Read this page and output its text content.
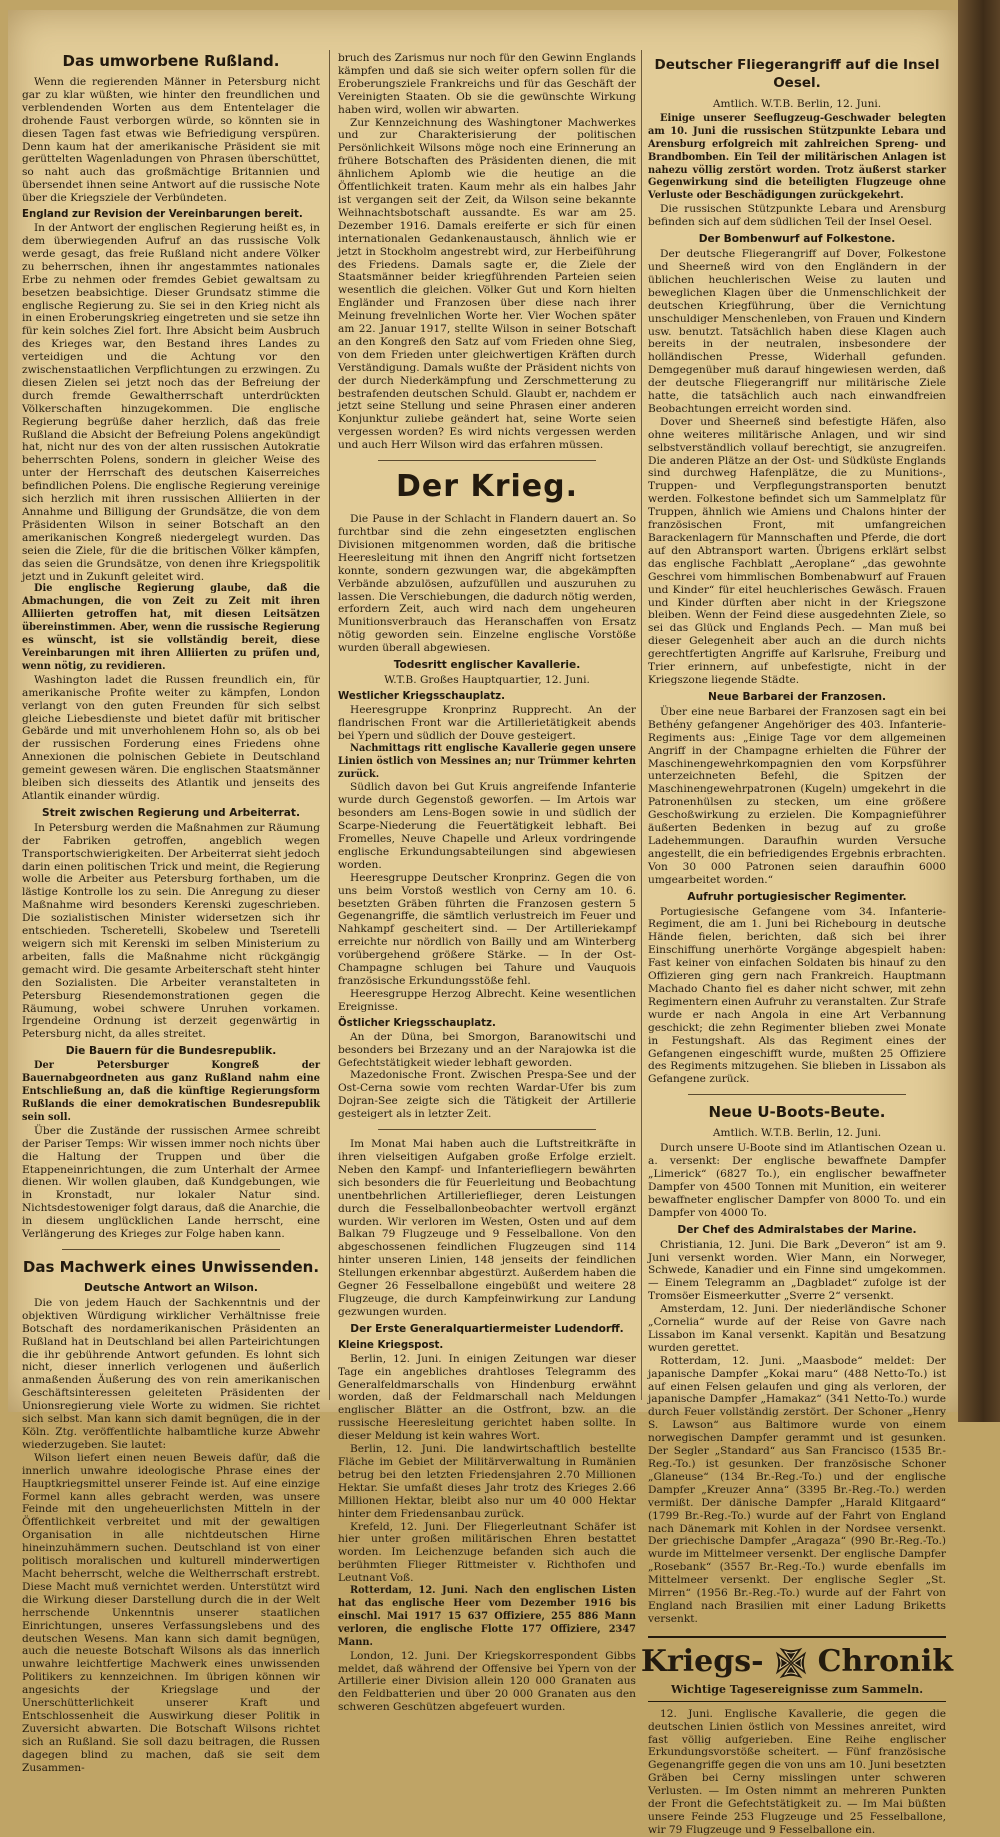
Das umworbene Rußland.

Wenn die regierenden Männer in Petersburg nicht gar zu klar wüßten, wie hinter den freundlichen und verblendenden Worten aus dem Ententelager die drohende Faust verborgen würde, so könnten sie in diesen Tagen fast etwas wie Befriedigung verspüren. Denn kaum hat der amerikanische Präsident sie mit gerüttelten Wagenladungen von Phrasen überschüttet, so naht auch das großmächtige Britannien und übersendet ihnen seine Antwort auf die russische Note über die Kriegsziele der Verbündeten.

England zur Revision der Vereinbarungen bereit.

In der Antwort der englischen Regierung heißt es, in dem überwiegenden Aufruf an das russische Volk werde gesagt, das freie Rußland nicht andere Völker zu beherrschen, ihnen ihr angestammtes nationales Erbe zu nehmen oder fremdes Gebiet gewaltsam zu besetzen beabsichtige. Dieser Grundsatz stimme die englische Regierung zu. Sie sei in den Krieg nicht als in einen Eroberungskrieg eingetreten und sie setze ihn für kein solches Ziel fort. Ihre Absicht beim Ausbruch des Krieges war, den Bestand ihres Landes zu verteidigen und die Achtung vor den zwischenstaatlichen Verpflichtungen zu erzwingen. Zu diesen Zielen sei jetzt noch das der Befreiung der durch fremde Gewaltherrschaft unterdrückten Völkerschaften hinzugekommen. Die englische Regierung begrüße daher herzlich, daß das freie Rußland die Absicht der Befreiung Polens angekündigt hat, nicht nur des von der alten russischen Autokratie beherrschten Polens, sondern in gleicher Weise des unter der Herrschaft des deutschen Kaiserreiches befindlichen Polens. Die englische Regierung vereinige sich herzlich mit ihren russischen Alliierten in der Annahme und Billigung der Grundsätze, die von dem Präsidenten Wilson in seiner Botschaft an den amerikanischen Kongreß niedergelegt wurden. Das seien die Ziele, für die die britischen Völker kämpfen, das seien die Grundsätze, von denen ihre Kriegspolitik jetzt und in Zukunft geleitet wird.

Die englische Regierung glaube, daß die Abmachungen, die von Zeit zu Zeit mit ihren Alliierten getroffen hat, mit diesen Leitsätzen übereinstimmen. Aber, wenn die russische Regierung es wünscht, ist sie vollständig bereit, diese Vereinbarungen mit ihren Alliierten zu prüfen und, wenn nötig, zu revidieren.

Washington ladet die Russen freundlich ein, für amerikanische Profite weiter zu kämpfen, London verlangt von den guten Freunden für sich selbst gleiche Liebesdienste und bietet dafür mit britischer Gebärde und mit unverhohlenem Hohn so, als ob bei der russischen Forderung eines Friedens ohne Annexionen die polnischen Gebiete in Deutschland gemeint gewesen wären. Die englischen Staatsmänner bleiben sich diesseits des Atlantik und jenseits des Atlantik einander würdig.

Streit zwischen Regierung und Arbeiterrat.

In Petersburg werden die Maßnahmen zur Räumung der Fabriken getroffen, angeblich wegen Transportschwierigkeiten. Der Arbeiterrat sieht jedoch darin einen politischen Trick und meint, die Regierung wolle die Arbeiter aus Petersburg forthaben, um die lästige Kontrolle los zu sein. Die Anregung zu dieser Maßnahme wird besonders Kerenski zugeschrieben. Die sozialistischen Minister widersetzen sich ihr entschieden. Tscheretelli, Skobelew und Tseretelli weigern sich mit Kerenski im selben Ministerium zu arbeiten, falls die Maßnahme nicht rückgängig gemacht wird. Die gesamte Arbeiterschaft steht hinter den Sozialisten. Die Arbeiter veranstalteten in Petersburg Riesendemonstrationen gegen die Räumung, wobei schwere Unruhen vorkamen. Irgendeine Ordnung ist derzeit gegenwärtig in Petersburg nicht, da alles streitet.

Die Bauern für die Bundesrepublik.

Der Petersburger Kongreß der Bauernabgeordneten aus ganz Rußland nahm eine Entschließung an, daß die künftige Regierungsform Rußlands die einer demokratischen Bundesrepublik sein soll.

Über die Zustände der russischen Armee schreibt der Pariser Temps: Wir wissen immer noch nichts über die Haltung der Truppen und über die Etappeneinrichtungen, die zum Unterhalt der Armee dienen. Wir wollen glauben, daß Kundgebungen, wie in Kronstadt, nur lokaler Natur sind. Nichtsdestoweniger folgt daraus, daß die Anarchie, die in diesem unglücklichen Lande herrscht, eine Verlängerung des Krieges zur Folge haben kann.

Das Machwerk eines Unwissenden.
Deutsche Antwort an Wilson.

Die von jedem Hauch der Sachkenntnis und der objektiven Würdigung wirklicher Verhältnisse freie Botschaft des nordamerikanischen Präsidenten an Rußland hat in Deutschland bei allen Parteirichtungen die ihr gebührende Antwort gefunden. Es lohnt sich nicht, dieser innerlich verlogenen und äußerlich anmaßenden Äußerung des von rein amerikanischen Geschäftsinteressen geleiteten Präsidenten der Unionsregierung viele Worte zu widmen. Sie richtet sich selbst. Man kann sich damit begnügen, die in der Köln. Ztg. veröffentlichte halbamtliche kurze Abwehr wiederzugeben. Sie lautet:

Wilson liefert einen neuen Beweis dafür, daß die innerlich unwahre ideologische Phrase eines der Hauptkriegsmittel unserer Feinde ist. Auf eine einzige Formel kann alles gebracht werden, was unsere Feinde mit den ungeheuerlichsten Mitteln in der Öffentlichkeit verbreitet und mit der gewaltigen Organisation in alle nichtdeutschen Hirne hineinzuhämmern suchen. Deutschland ist von einer politisch moralischen und kulturell minderwertigen Macht beherrscht, welche die Weltherrschaft erstrebt. Diese Macht muß vernichtet werden. Unterstützt wird die Wirkung dieser Darstellung durch die in der Welt herrschende Unkenntnis unserer staatlichen Einrichtungen, unseres Verfassungslebens und des deutschen Wesens. Man kann sich damit begnügen, auch die neueste Botschaft Wilsons als das innerlich unwahre leichtfertige Machwerk eines unwissenden Politikers zu kennzeichnen. Im übrigen können wir angesichts der Kriegslage und der Unerschütterlichkeit unserer Kraft und Entschlossenheit die Auswirkung dieser Politik in Zuversicht abwarten. Die Botschaft Wilsons richtet sich an Rußland. Sie soll dazu beitragen, die Russen dagegen blind zu machen, daß sie seit dem Zusammen-

bruch des Zarismus nur noch für den Gewinn Englands kämpfen und daß sie sich weiter opfern sollen für die Eroberungsziele Frankreichs und für das Geschäft der Vereinigten Staaten. Ob sie die gewünschte Wirkung haben wird, wollen wir abwarten.

Zur Kennzeichnung des Washingtoner Machwerkes und zur Charakterisierung der politischen Persönlichkeit Wilsons möge noch eine Erinnerung an frühere Botschaften des Präsidenten dienen, die mit ähnlichem Aplomb wie die heutige an die Öffentlichkeit traten. Kaum mehr als ein halbes Jahr ist vergangen seit der Zeit, da Wilson seine bekannte Weihnachtsbotschaft aussandte. Es war am 25. Dezember 1916. Damals ereiferte er sich für einen internationalen Gedankenaustausch, ähnlich wie er jetzt in Stockholm angestrebt wird, zur Herbeiführung des Friedens. Damals sagte er, die Ziele der Staatsmänner beider kriegführenden Parteien seien wesentlich die gleichen. Völker Gut und Korn hielten Engländer und Franzosen über diese nach ihrer Meinung frevelnlichen Worte her. Vier Wochen später am 22. Januar 1917, stellte Wilson in seiner Botschaft an den Kongreß den Satz auf vom Frieden ohne Sieg, von dem Frieden unter gleichwertigen Kräften durch Verständigung. Damals wußte der Präsident nichts von der durch Niederkämpfung und Zerschmetterung zu bestrafenden deutschen Schuld. Glaubt er, nachdem er jetzt seine Stellung und seine Phrasen einer anderen Konjunktur zuliebe geändert hat, seine Worte seien vergessen worden? Es wird nichts vergessen werden und auch Herr Wilson wird das erfahren müssen.

Der Krieg.

Die Pause in der Schlacht in Flandern dauert an. So furchtbar sind die zehn eingesetzten englischen Divisionen mitgenommen worden, daß die britische Heeresleitung mit ihnen den Angriff nicht fortsetzen konnte, sondern gezwungen war, die abgekämpften Verbände abzulösen, aufzufüllen und auszuruhen zu lassen. Die Verschiebungen, die dadurch nötig werden, erfordern Zeit, auch wird nach dem ungeheuren Munitionsverbrauch das Heranschaffen von Ersatz nötig geworden sein. Einzelne englische Vorstöße wurden überall abgewiesen.

Todesritt englischer Kavallerie.
W.T.B. Großes Hauptquartier, 12. Juni.
Westlicher Kriegsschauplatz.

Heeresgruppe Kronprinz Rupprecht. An der flandrischen Front war die Artillerietätigkeit abends bei Ypern und südlich der Douve gesteigert.

Nachmittags ritt englische Kavallerie gegen unsere Linien östlich von Messines an; nur Trümmer kehrten zurück.

Südlich davon bei Gut Kruis angreifende Infanterie wurde durch Gegenstoß geworfen. — Im Artois war besonders am Lens-Bogen sowie in und südlich der Scarpe-Niederung die Feuertätigkeit lebhaft. Bei Fromelles, Neuve Chapelle und Arleux vordringende englische Erkundungsabteilungen sind abgewiesen worden.

Heeresgruppe Deutscher Kronprinz. Gegen die von uns beim Vorstoß westlich von Cerny am 10. 6. besetzten Gräben führten die Franzosen gestern 5 Gegenangriffe, die sämtlich verlustreich im Feuer und Nahkampf gescheitert sind. — Der Artilleriekampf erreichte nur nördlich von Bailly und am Winterberg vorübergehend größere Stärke. — In der Ost-Champagne schlugen bei Tahure und Vauquois französische Erkundungsstöße fehl.

Heeresgruppe Herzog Albrecht. Keine wesentlichen Ereignisse.

Östlicher Kriegsschauplatz.

An der Düna, bei Smorgon, Baranowitschi und besonders bei Brzezany und an der Narajowka ist die Gefechtstätigkeit wieder lebhaft geworden.

Mazedonische Front. Zwischen Prespa-See und der Ost-Cerna sowie vom rechten Wardar-Ufer bis zum Dojran-See zeigte sich die Tätigkeit der Artillerie gesteigert als in letzter Zeit.

Im Monat Mai haben auch die Luftstreitkräfte in ihren vielseitigen Aufgaben große Erfolge erzielt. Neben den Kampf- und Infanteriefliegern bewährten sich besonders die für Feuerleitung und Beobachtung unentbehrlichen Artillerieflieger, deren Leistungen durch die Fesselballonbeobachter wertvoll ergänzt wurden. Wir verloren im Westen, Osten und auf dem Balkan 79 Flugzeuge und 9 Fesselballone. Von den abgeschossenen feindlichen Flugzeugen sind 114 hinter unseren Linien, 148 jenseits der feindlichen Stellungen erkennbar abgestürzt. Außerdem haben die Gegner 26 Fesselballone eingebüßt und weitere 28 Flugzeuge, die durch Kampfeinwirkung zur Landung gezwungen wurden.

Der Erste Generalquartiermeister Ludendorff.
Kleine Kriegspost.

Berlin, 12. Juni. In einigen Zeitungen war dieser Tage ein angebliches drahtloses Telegramm des Generalfeldmarschalls von Hindenburg erwähnt worden, daß der Feldmarschall nach Meldungen englischer Blätter an die Ostfront, bzw. an die russische Heeresleitung gerichtet haben sollte. In dieser Meldung ist kein wahres Wort.

Berlin, 12. Juni. Die landwirtschaftlich bestellte Fläche im Gebiet der Militärverwaltung in Rumänien betrug bei den letzten Friedensjahren 2.70 Millionen Hektar. Sie umfaßt dieses Jahr trotz des Krieges 2.66 Millionen Hektar, bleibt also nur um 40 000 Hektar hinter dem Friedensanbau zurück.

Krefeld, 12. Juni. Der Fliegerleutnant Schäfer ist hier unter großen militärischen Ehren bestattet worden. Im Leichenzuge befanden sich auch die berühmten Flieger Rittmeister v. Richthofen und Leutnant Voß.

Rotterdam, 12. Juni. Nach den englischen Listen hat das englische Heer vom Dezember 1916 bis einschl. Mai 1917 15 637 Offiziere, 255 886 Mann verloren, die englische Flotte 177 Offiziere, 2347 Mann.

London, 12. Juni. Der Kriegskorrespondent Gibbs meldet, daß während der Offensive bei Ypern von der Artillerie einer Division allein 120 000 Granaten aus den Feldbatterien und über 20 000 Granaten aus den schweren Geschützen abgefeuert wurden.

Deutscher Fliegerangriff auf die Insel Oesel.
Amtlich. W.T.B. Berlin, 12. Juni.

Einige unserer Seeflugzeug-Geschwader belegten am 10. Juni die russischen Stützpunkte Lebara und Arensburg erfolgreich mit zahlreichen Spreng- und Brandbomben. Ein Teil der militärischen Anlagen ist nahezu völlig zerstört worden. Trotz äußerst starker Gegenwirkung sind die beteiligten Flugzeuge ohne Verluste oder Beschädigungen zurückgekehrt.

Die russischen Stützpunkte Lebara und Arensburg befinden sich auf dem südlichen Teil der Insel Oesel.

Der Bombenwurf auf Folkestone.

Der deutsche Fliegerangriff auf Dover, Folkestone und Sheerneß wird von den Engländern in der üblichen heuchlerischen Weise zu lauten und beweglichen Klagen über die Unmenschlichkeit der deutschen Kriegführung, über die Vernichtung unschuldiger Menschenleben, von Frauen und Kindern usw. benutzt. Tatsächlich haben diese Klagen auch bereits in der neutralen, insbesondere der holländischen Presse, Widerhall gefunden. Demgegenüber muß darauf hingewiesen werden, daß der deutsche Fliegerangriff nur militärische Ziele hatte, die tatsächlich auch nach einwandfreien Beobachtungen erreicht worden sind.

Dover und Sheerneß sind befestigte Häfen, also ohne weiteres militärische Anlagen, und wir sind selbstverständlich vollauf berechtigt, sie anzugreifen. Die anderen Plätze an der Ost- und Südküste Englands sind durchweg Hafenplätze, die zu Munitions-, Truppen- und Verpflegungstransporten benutzt werden. Folkestone befindet sich um Sammelplatz für Truppen, ähnlich wie Amiens und Chalons hinter der französischen Front, mit umfangreichen Barackenlagern für Mannschaften und Pferde, die dort auf den Abtransport warten. Übrigens erklärt selbst das englische Fachblatt „Aeroplane“ „das gewohnte Geschrei vom himmlischen Bombenabwurf auf Frauen und Kinder“ für eitel heuchlerisches Gewäsch. Frauen und Kinder dürften aber nicht in der Kriegszone bleiben. Wenn der Feind diese ausgedehnten Ziele, so sei das Glück und Englands Pech. — Man muß bei dieser Gelegenheit aber auch an die durch nichts gerechtfertigten Angriffe auf Karlsruhe, Freiburg und Trier erinnern, auf unbefestigte, nicht in der Kriegszone liegende Städte.

Neue Barbarei der Franzosen.

Über eine neue Barbarei der Franzosen sagt ein bei Bethény gefangener Angehöriger des 403. Infanterie-Regiments aus: „Einige Tage vor dem allgemeinen Angriff in der Champagne erhielten die Führer der Maschinengewehrkompagnien den vom Korpsführer unterzeichneten Befehl, die Spitzen der Maschinengewehrpatronen (Kugeln) umgekehrt in die Patronenhülsen zu stecken, um eine größere Geschoßwirkung zu erzielen. Die Kompagnieführer äußerten Bedenken in bezug auf zu große Ladehemmungen. Daraufhin wurden Versuche angestellt, die ein befriedigendes Ergebnis erbrachten. Von 30 000 Patronen seien daraufhin 6000 umgearbeitet worden.“

Aufruhr portugiesischer Regimenter.

Portugiesische Gefangene vom 34. Infanterie-Regiment, die am 1. Juni bei Richebourg in deutsche Hände fielen, berichten, daß sich bei ihrer Einschiffung unerhörte Vorgänge abgespielt haben: Fast keiner von einfachen Soldaten bis hinauf zu den Offizieren ging gern nach Frankreich. Hauptmann Machado Chanto fiel es daher nicht schwer, mit zehn Regimentern einen Aufruhr zu veranstalten. Zur Strafe wurde er nach Angola in eine Art Verbannung geschickt; die zehn Regimenter blieben zwei Monate in Festungshaft. Als das Regiment eines der Gefangenen eingeschifft wurde, mußten 25 Offiziere des Regiments mitzugehen. Sie blieben in Lissabon als Gefangene zurück.

Neue U-Boots-Beute.
Amtlich. W.T.B. Berlin, 12. Juni.

Durch unsere U-Boote sind im Atlantischen Ozean u. a. versenkt: Der englische bewaffnete Dampfer „Limerick“ (6827 To.), ein englischer bewaffneter Dampfer von 4500 Tonnen mit Munition, ein weiterer bewaffneter englischer Dampfer von 8000 To. und ein Dampfer von 4000 To.

Der Chef des Admiralstabes der Marine.

Christiania, 12. Juni. Die Bark „Deveron“ ist am 9. Juni versenkt worden. Wier Mann, ein Norweger, Schwede, Kanadier und ein Finne sind umgekommen. — Einem Telegramm an „Dagbladet“ zufolge ist der Tromsöer Eismeerkutter „Sverre 2“ versenkt.

Amsterdam, 12. Juni. Der niederländische Schoner „Cornelia“ wurde auf der Reise von Gavre nach Lissabon im Kanal versenkt. Kapitän und Besatzung wurden gerettet.

Rotterdam, 12. Juni. „Maasbode“ meldet: Der japanische Dampfer „Kokai maru“ (488 Netto-To.) ist auf einen Felsen gelaufen und ging als verloren, der japanische Dampfer „Hamakaz“ (341 Netto-To.) wurde durch Feuer vollständig zerstört. Der Schoner „Henry S. Lawson“ aus Baltimore wurde von einem norwegischen Dampfer gerammt und ist gesunken. Der Segler „Standard“ aus San Francisco (1535 Br.-Reg.-To.) ist gesunken. Der französische Schoner „Glaneuse“ (134 Br.-Reg.-To.) und der englische Dampfer „Kreuzer Anna“ (3395 Br.-Reg.-To.) werden vermißt. Der dänische Dampfer „Harald Klitgaard“ (1799 Br.-Reg.-To.) wurde auf der Fahrt von England nach Dänemark mit Kohlen in der Nordsee versenkt. Der griechische Dampfer „Aragaza“ (990 Br.-Reg.-To.) wurde im Mittelmeer versenkt. Der englische Dampfer „Rosebank“ (3557 Br.-Reg.-To.) wurde ebenfalls im Mittelmeer versenkt. Der englische Segler „St. Mirren“ (1956 Br.-Reg.-To.) wurde auf der Fahrt von England nach Brasilien mit einer Ladung Briketts versenkt.

Kriegs- Chronik
Wichtige Tagesereignisse zum Sammeln.

12. Juni. Englische Kavallerie, die gegen die deutschen Linien östlich von Messines anreitet, wird fast völlig aufgerieben. Eine Reihe englischer Erkundungsvorstöße scheitert. — Fünf französische Gegenangriffe gegen die von uns am 10. Juni besetzten Gräben bei Cerny misslingen unter schweren Verlusten. — Im Osten nimmt an mehreren Punkten der Front die Gefechtstätigkeit zu. — Im Mai büßten unsere Feinde 253 Flugzeuge und 25 Fesselballone, wir 79 Flugzeuge und 9 Fesselballone ein.
